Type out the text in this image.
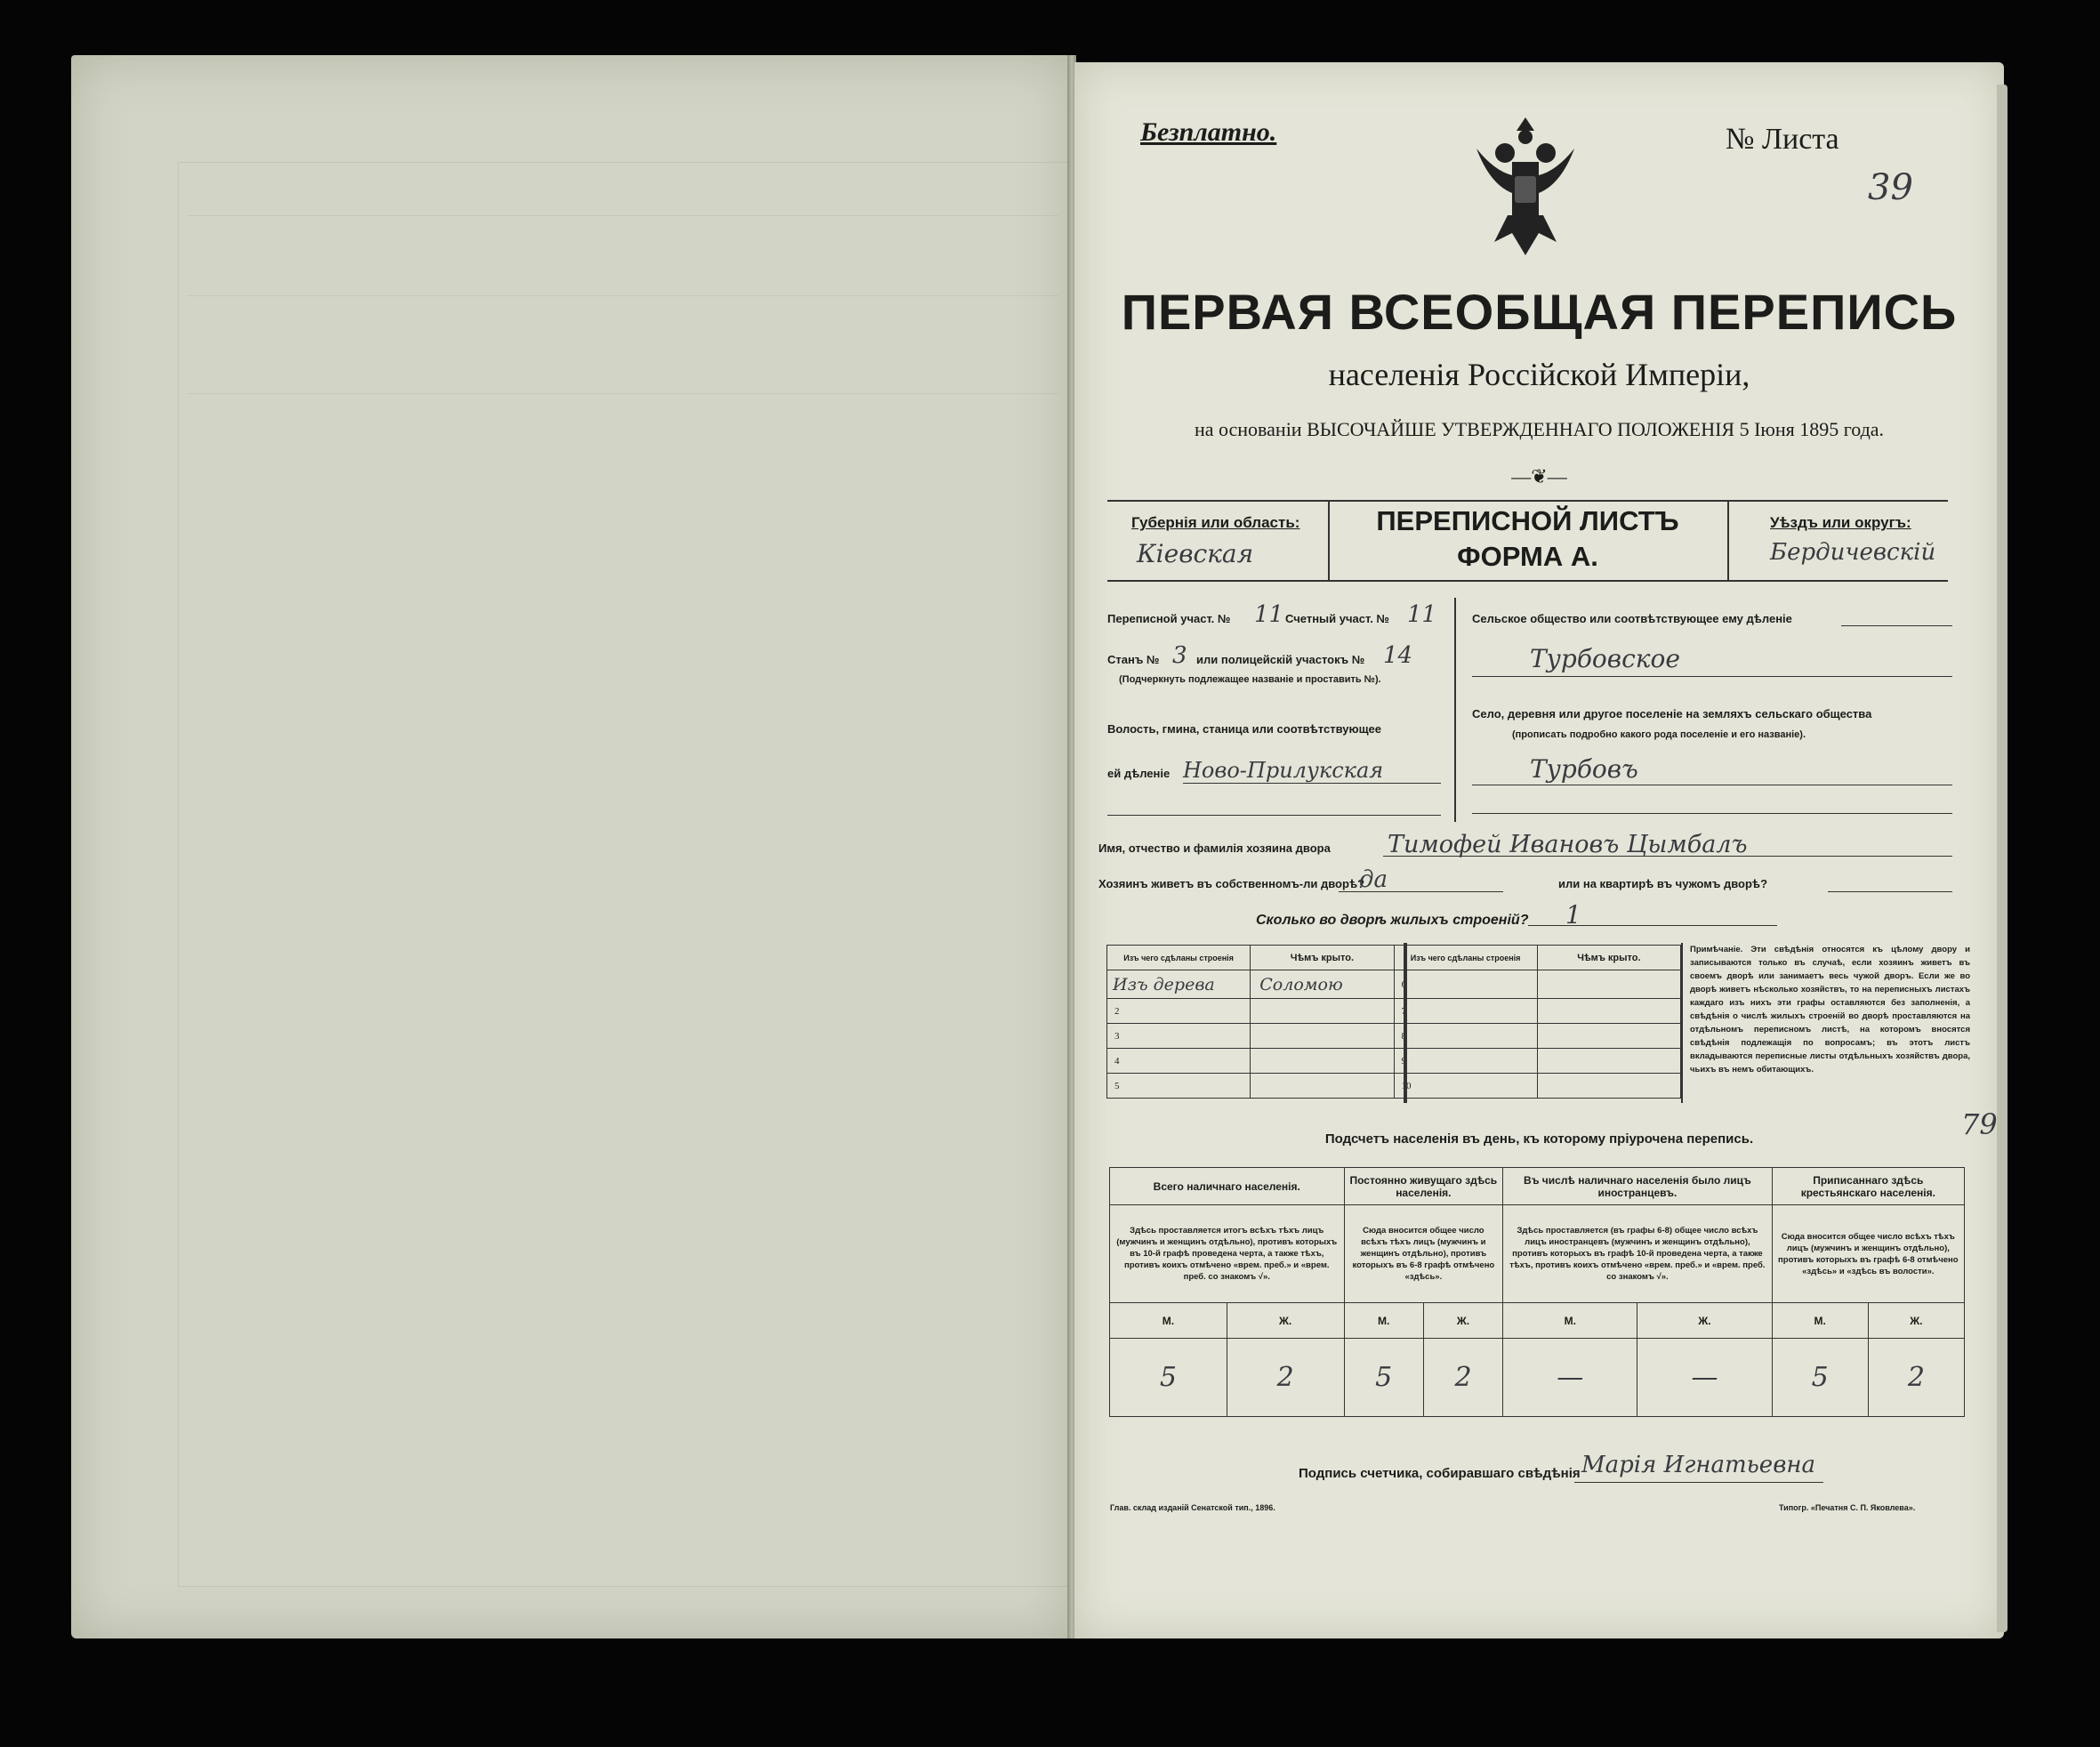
Безплатно.	№ Листа
39
ПЕРВАЯ ВСЕОБЩАЯ ПЕРЕПИСЬ
населенія Россійской Имперіи,
на основаніи ВЫСОЧАЙШЕ УТВЕРЖДЕННАГО ПОЛОЖЕНІЯ 5 Іюня 1895 года.
—❦—
Губернія или область:
Кіевская
ПЕРЕПИСНОЙ ЛИСТЪ
ФОРМА А.
Уѣздъ или округъ:
Бердичевскій
Переписной участ. № 11 Счетный участ. № 11
Станъ № 3 или полицейскій участокъ № 14
(Подчеркнуть подлежащее названіе и проставить №).
Волость, гмина, станица или соотвѣтствующее
ей дѣленіе Ново-Прилукская
Сельское общество или соотвѣтствующее ему дѣленіе
Турбовское
Село, деревня или другое поселеніе на земляхъ сельскаго общества
(прописать подробно какого рода поселеніе и его названіе).
Турбовъ
Имя, отчество и фамилія хозяина двора Тимофей Ивановъ Цымбалъ
Хозяинъ живетъ въ собственномъ-ли дворѣ?
да	или на квартирѣ въ чужомъ дворѣ?
Сколько во дворѣ жилыхъ строеній? 1
Изъ чего сдѣланы строенія	Чѣмъ крыто.	Изъ чего сдѣланы строенія	Чѣмъ крыто.

Изъ дерева	Соломою	6	
2		7	
3		8	
4		9	
5		10	
Примѣчаніе. Эти свѣдѣнія относятся къ цѣлому двору и записываются только въ случаѣ, если хозяинъ живетъ въ своемъ дворѣ или занимаетъ весь чужой дворъ. Если же во дворѣ живетъ нѣсколько хозяйствъ, то на переписныхъ листахъ каждаго изъ нихъ эти графы оставляются без заполненія, а свѣдѣнія о числѣ жилыхъ строеній во дворѣ проставляются на отдѣльномъ переписномъ листѣ, на которомъ вносятся свѣдѣнія подлежащія по вопросамъ; въ этотъ листъ вкладываются переписные листы отдѣльныхъ хозяйствъ двора, чьихъ въ немъ обитающихъ.
79
Подсчетъ населенія въ день, къ которому пріурочена перепись.
Всего наличнаго населенія.		Постоянно живущаго здѣсь населенія.		Въ числѣ наличнаго населенія было лицъ иностранцевъ.		Приписаннаго здѣсь крестьянскаго населенія.	

Здѣсь проставляется итогъ всѣхъ тѣхъ лицъ (мужчинъ и женщинъ отдѣльно), противъ которыхъ въ 10-й графѣ проведена черта, а также тѣхъ, противъ коихъ отмѣчено «врем. преб.» и «врем. преб. со знакомъ √».		Сюда вносится общее число всѣхъ тѣхъ лицъ (мужчинъ и женщинъ отдѣльно), противъ которыхъ въ 6-8 графѣ отмѣчено «здѣсь».		Здѣсь проставляется (въ графы 6-8) общее число всѣхъ лицъ иностранцевъ (мужчинъ и женщинъ отдѣльно), противъ которыхъ въ графѣ 10-й проведена черта, а также тѣхъ, противъ коихъ отмѣчено «врем. преб.» и «врем. преб. со знакомъ √».		Сюда вносится общее число всѣхъ тѣхъ лицъ (мужчинъ и женщинъ отдѣльно), противъ которыхъ въ графѣ 6-8 отмѣчено «здѣсь» и «здѣсь въ волости».	

М.	Ж.	М.	Ж.	М.	Ж.	М.	Ж.
5	2	5	2	—	—	5	2
Подпись счетчика, собиравшаго свѣдѣнія Марія Игнатьевна
Глав. склад изданій Сенатской тип., 1896.	Типогр. «Печатня С. П. Яковлева».
